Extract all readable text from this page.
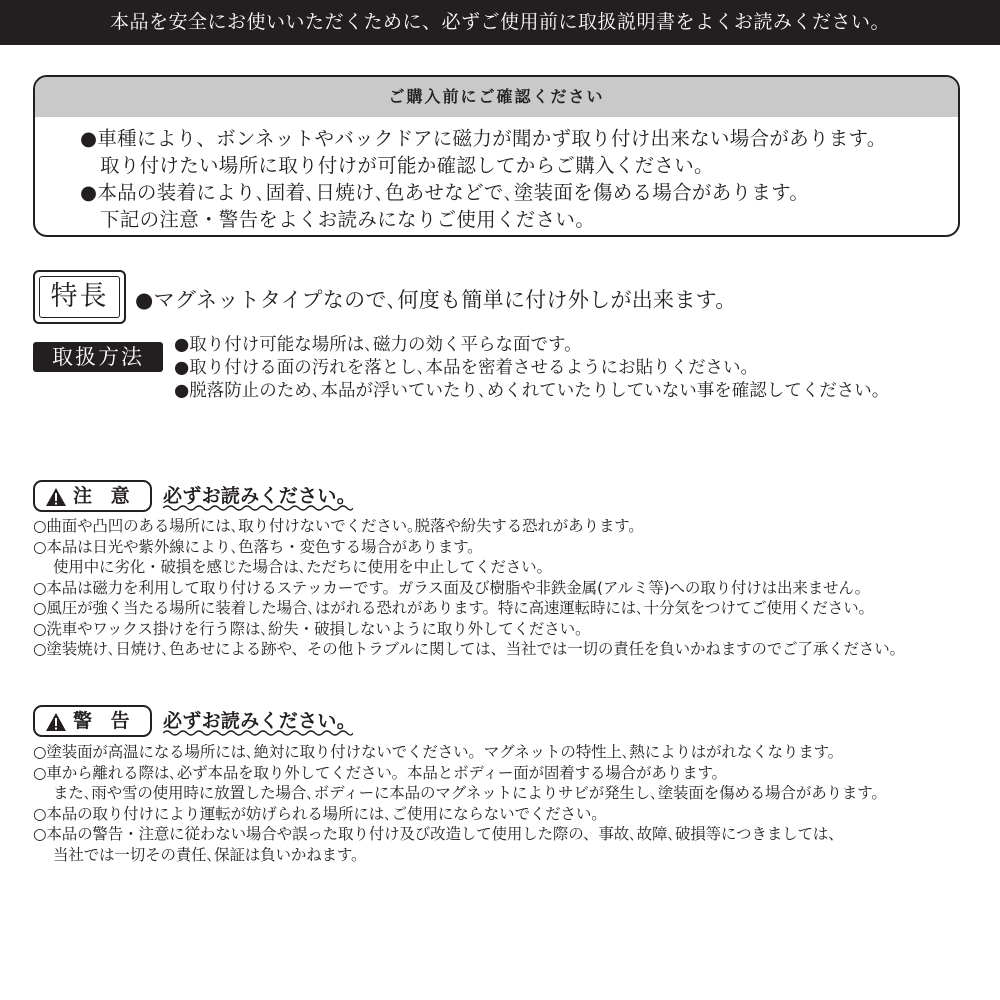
本品を安全にお使いいただくために、必ずご使用前に取扱説明書をよくお読みください。
ご購入前にご確認ください
●車種により、ボンネットやバックドアに磁力が聞かず取り付け出来ない場合があります。
取り付けたい場所に取り付けが可能か確認してからご購入ください。
●本品の装着により､固着､日焼け､色あせなどで､塗装面を傷める場合があります。
下記の注意・警告をよくお読みになりご使用ください。
特長	●マグネットタイプなので､何度も簡単に付け外しが出来ます。
取扱方法	●取り付け可能な場所は､磁力の効く平らな面です。
●取り付ける面の汚れを落とし､本品を密着させるようにお貼りください。
●脱落防止のため､本品が浮いていたり､めくれていたりしていない事を確認してください。
注 意	必ずお読みください。
○曲面や凸凹のある場所には､取り付けないでください｡脱落や紛失する恐れがあります。
○本品は日光や紫外線により､色落ち・変色する場合があります。
使用中に劣化・破損を感じた場合は､ただちに使用を中止してください。
○本品は磁力を利用して取り付けるステッカーです。ガラス面及び樹脂や非鉄金属(アルミ等)への取り付けは出来ません。
○風圧が強く当たる場所に装着した場合､はがれる恐れがあります。特に高速運転時には､十分気をつけてご使用ください。
○洗車やワックス掛けを行う際は､紛失・破損しないように取り外してください。
○塗装焼け､日焼け､色あせによる跡や、その他トラブルに関しては、当社では一切の責任を負いかねますのでご了承ください。
警 告	必ずお読みください。
○塗装面が高温になる場所には､絶対に取り付けないでください。マグネットの特性上､熱によりはがれなくなります。
○車から離れる際は､必ず本品を取り外してください。本品とボディー面が固着する場合があります。
また､雨や雪の使用時に放置した場合､ボディーに本品のマグネットによりサビが発生し､塗装面を傷める場合があります。
○本品の取り付けにより運転が妨げられる場所には､ご使用にならないでください。
○本品の警告・注意に従わない場合や誤った取り付け及び改造して使用した際の、事故､故障､破損等につきましては、
当社では一切その責任､保証は負いかねます。
